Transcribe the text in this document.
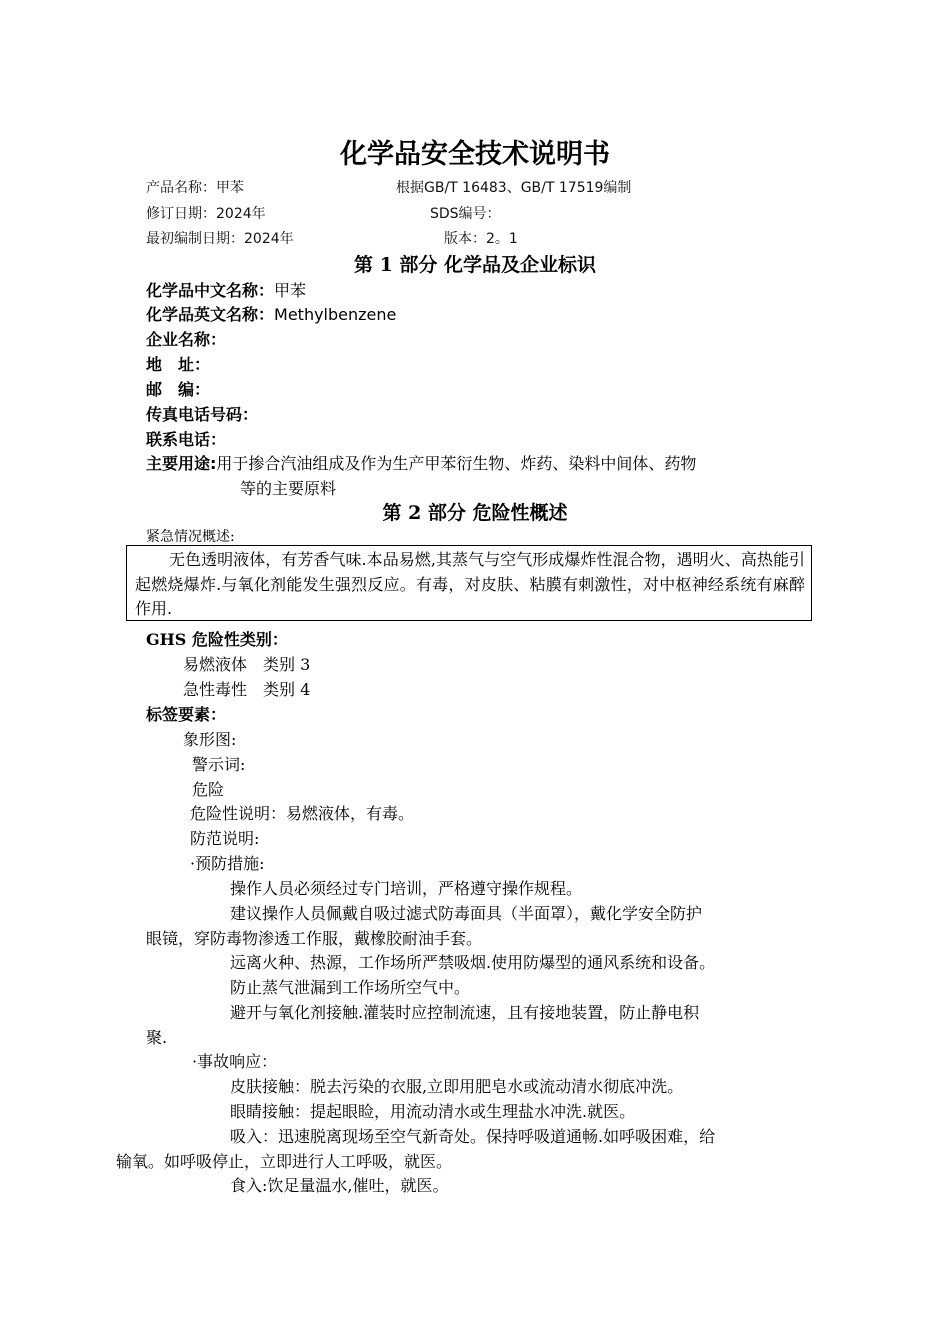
化学品安全技术说明书
产品名称：甲苯	根据GB/T 16483、GB/T 17519编制
修订日期：2024年	SDS编号：
最初编制日期：2024年	版本：2。1
第 1 部分 化学品及企业标识
化学品中文名称：甲苯
化学品英文名称：Methylbenzene
企业名称：
地　址：
邮　编：
传真电话号码：
联系电话：
主要用途:用于掺合汽油组成及作为生产甲苯衍生物、炸药、染料中间体、药物
等的主要原料
第 2 部分 危险性概述
紧急情况概述:
无色透明液体，有芳香气味.本品易燃,其蒸气与空气形成爆炸性混合物，遇明火、高热能引起燃烧爆炸.与氧化剂能发生强烈反应。有毒，对皮肤、粘膜有刺激性，对中枢神经系统有麻醉作用.
GHS 危险性类别：
易燃液体　类别 3
急性毒性　类别 4
标签要素：
象形图:
警示词:
危险
危险性说明：易燃液体，有毒。
防范说明:
·预防措施:
操作人员必须经过专门培训，严格遵守操作规程。
建议操作人员佩戴自吸过滤式防毒面具（半面罩），戴化学安全防护
眼镜，穿防毒物渗透工作服，戴橡胶耐油手套。
远离火种、热源，工作场所严禁吸烟.使用防爆型的通风系统和设备。
防止蒸气泄漏到工作场所空气中。
避开与氧化剂接触.灌装时应控制流速，且有接地装置，防止静电积
聚.
·事故响应：
皮肤接触：脱去污染的衣服,立即用肥皂水或流动清水彻底冲洗。
眼睛接触：提起眼睑，用流动清水或生理盐水冲洗.就医。
吸入：迅速脱离现场至空气新奇处。保持呼吸道通畅.如呼吸困难，给
输氧。如呼吸停止，立即进行人工呼吸，就医。
食入:饮足量温水,催吐，就医。
